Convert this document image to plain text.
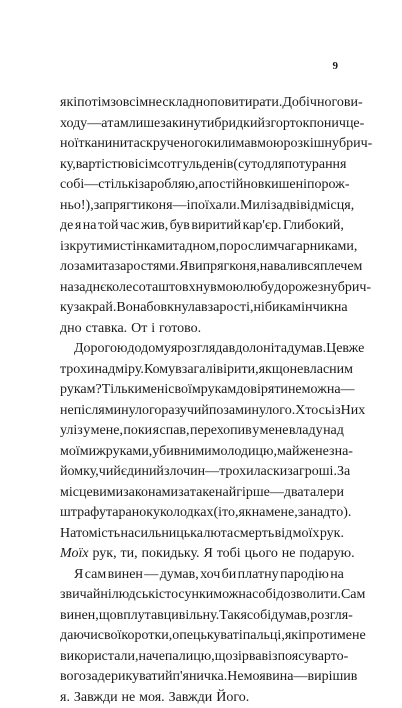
9
які потім зовсім нескладно повитирати. До бічного ви-
ходу — а там лише закинути бридкий згорток поничце-
ної тканини та скрученого килима в мою розкішну брич-
ку, вартістю вісімсот гульденів (суто для потурання
собі — стількі заробляю, а постійно в кишені порож-
ньо!), запрягти коня — і поїхали. Милі за дві від місця,
де я на той час жив, був виритий кар'єр. Глибокий,
із крутими стінками та дном, порослим чагарниками,
лозами та заростями. Я випряг коня, навалився плечем
на заднє колесо та штовхнув мою любу дорожезну брич-
ку за край. Вона бовкнула в зарості, ніби камінчик на
дно ставка. От і готово.
Дорогою додому я розглядав долоні та думав. Це вже
трохи надміру. Кому взагалі вірити, якщо не власним
рукам? Тільки мені своїм рукам довіряти не можна —
не після минулого разу чи й позаминулого. Хтось із Них
уліз у мене, поки я спав, перехопив у мене владу над
моїми ж руками, убив ними молодицю, майже незна-
йомку, чий єдиний злочин — трохи ласки за гроші. За
місцевими законами за таке найгірше — два талери
штрафу та ранок у колодках (і то, як на мене, занадто).
Натомість насильницька люта смерть від моїх рук.
Моїх рук, ти, покидьку. Я тобі цього не подарую.
Я сам винен — думав, хоч би платну пародію на
звичайні людські стосунки можна собі дозволити. Сам
винен, що вплутав цивільну. Так я собі думав, розгля-
даючи свої коротки, опецькуваті пальці, які проти мене
використали, наче палицю, що зірвав із поясу варто-
вого задерикуватий п'яничка. Не моя вина — вирішив
я. Завжди не моя. Завжди Його.
